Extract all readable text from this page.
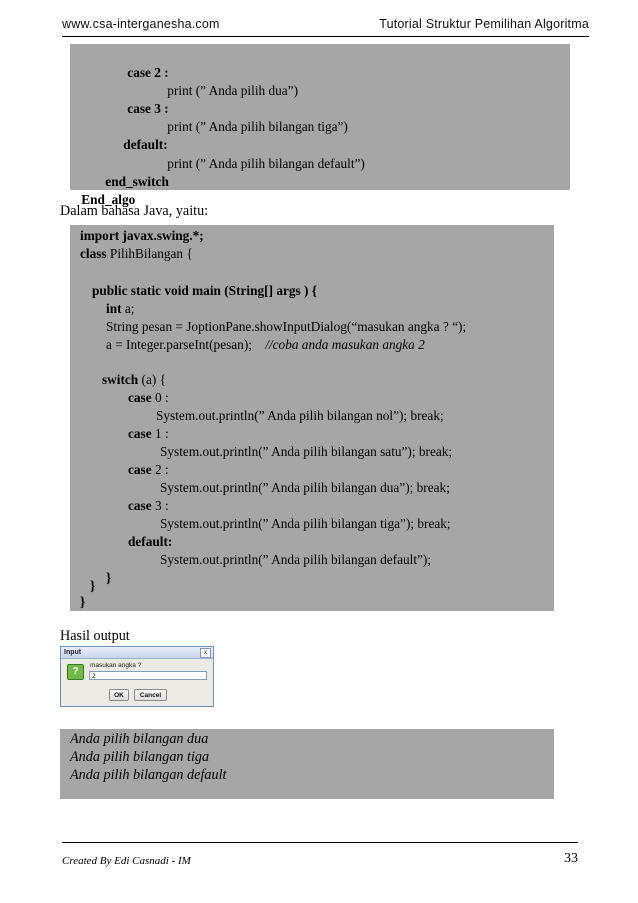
www.csa-interganesha.com	Tutorial Struktur Pemilihan Algoritma

case 2 :

print (” Anda pilih dua”)

case 3 :

print (” Anda pilih bilangan tiga”)

default:

print (” Anda pilih bilangan default”)

end_switch

End_algo
Dalam bahasa Java, yaitu:
import javax.swing.*;
class PilihBilangan {
public static void main (String[] args ) {
int a;
String pesan = JoptionPane.showInputDialog(“masukan angka ? “);
a = Integer.parseInt(pesan); //coba anda masukan angka 2
switch (a) {
case 0 :
System.out.println(” Anda pilih bilangan nol”); break;
case 1 :
System.out.println(” Anda pilih bilangan satu”); break;
case 2 :
System.out.println(” Anda pilih bilangan dua”); break;
case 3 :
System.out.println(” Anda pilih bilangan tiga”); break;
default:
System.out.println(” Anda pilih bilangan default”);
}
}
}
Hasil output
Input	x
?
masukan angka ?
2
OK	Cancel
Anda pilih bilangan dua
Anda pilih bilangan tiga
Anda pilih bilangan default
Created By Edi Casnadi - IM	33
